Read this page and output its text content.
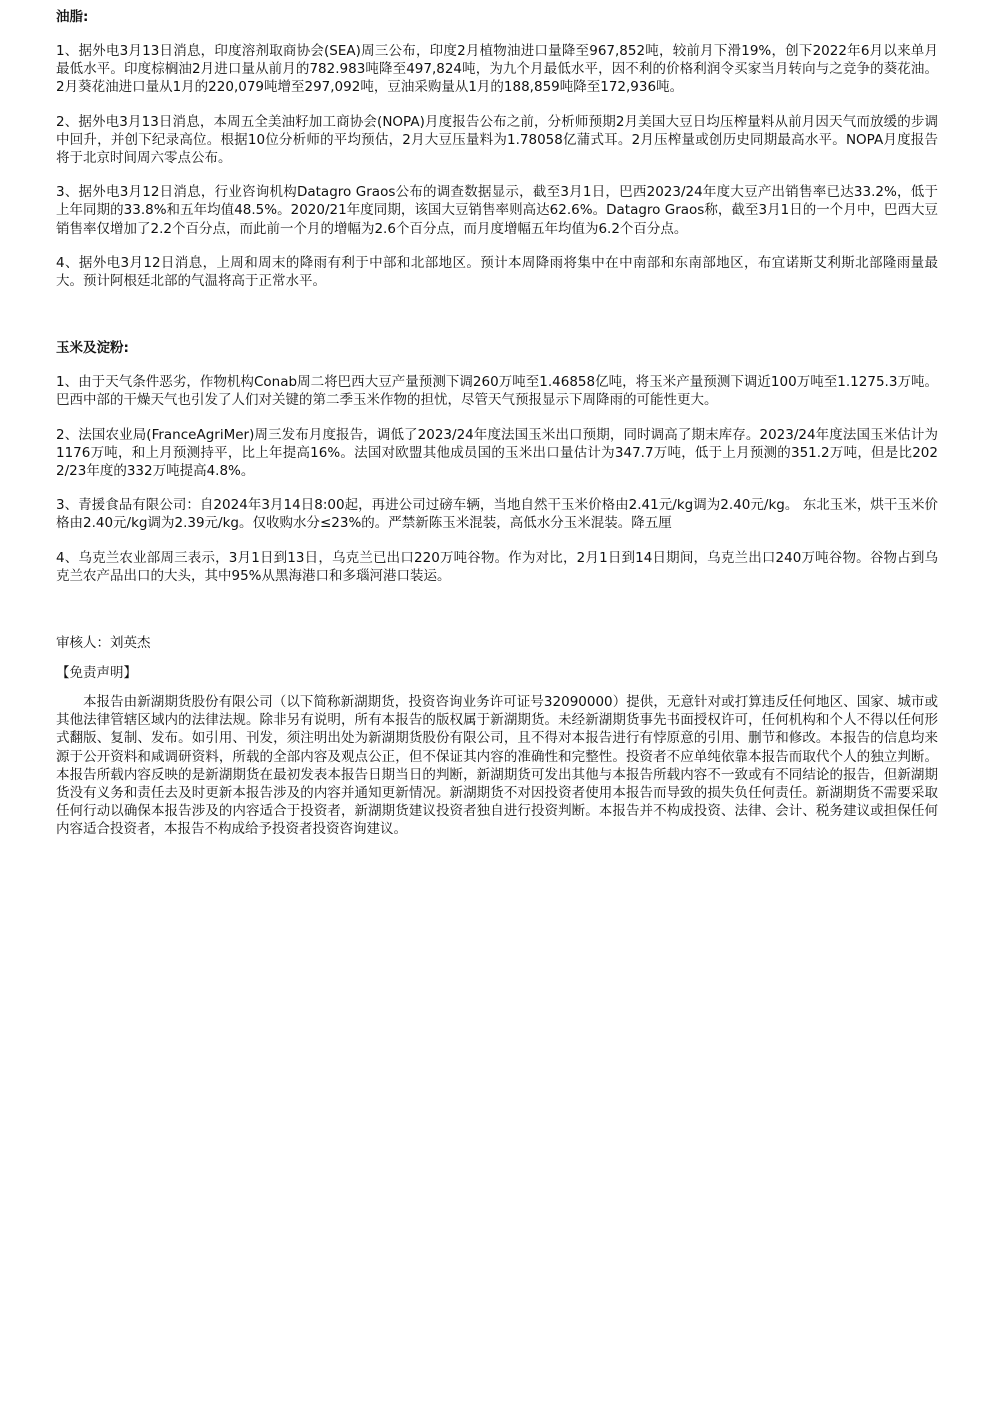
油脂:

1、据外电3月13日消息，印度溶剂取商协会(SEA)周三公布，印度2月植物油进口量降至967,852吨，较前月下滑19%，创下2022年6月以来单月最低水平。印度棕榈油2月进口量从前月的782.983吨降至497,824吨，为九个月最低水平，因不利的价格利润令买家当月转向与之竞争的葵花油。2月葵花油进口量从1月的220,079吨增至297,092吨，豆油采购量从1月的188,859吨降至172,936吨。

2、据外电3月13日消息，本周五全美油籽加工商协会(NOPA)月度报告公布之前，分析师预期2月美国大豆日均压榨量料从前月因天气而放缓的步调中回升，并创下纪录高位。根据10位分析师的平均预估，2月大豆压量料为1.78058亿蒲式耳。2月压榨量或创历史同期最高水平。NOPA月度报告将于北京时间周六零点公布。

3、据外电3月12日消息，行业咨询机构Datagro Graos公布的调查数据显示，截至3月1日，巴西2023/24年度大豆产出销售率已达33.2%，低于上年同期的33.8%和五年均值48.5%。2020/21年度同期，该国大豆销售率则高达62.6%。Datagro Graos称，截至3月1日的一个月中，巴西大豆销售率仅增加了2.2个百分点，而此前一个月的增幅为2.6个百分点，而月度增幅五年均值为6.2个百分点。

4、据外电3月12日消息，上周和周末的降雨有利于中部和北部地区。预计本周降雨将集中在中南部和东南部地区，布宜诺斯艾利斯北部隆雨量最大。预计阿根廷北部的气温将高于正常水平。

玉米及淀粉:

1、由于天气条件恶劣，作物机构Conab周二将巴西大豆产量预测下调260万吨至1.46858亿吨，将玉米产量预测下调近100万吨至1.1275.3万吨。巴西中部的干燥天气也引发了人们对关键的第二季玉米作物的担忧，尽管天气预报显示下周降雨的可能性更大。

2、法国农业局(FranceAgriMer)周三发布月度报告，调低了2023/24年度法国玉米出口预期，同时调高了期末库存。2023/24年度法国玉米估计为1176万吨，和上月预测持平，比上年提高16%。法国对欧盟其他成员国的玉米出口量估计为347.7万吨，低于上月预测的351.2万吨，但是比2022/23年度的332万吨提高4.8%。

3、青援食品有限公司：自2024年3月14日8:00起，再进公司过磅车辆，当地自然干玉米价格由2.41元/kg调为2.40元/kg。 东北玉米，烘干玉米价格由2.40元/kg调为2.39元/kg。仅收购水分≤23%的。严禁新陈玉米混装，高低水分玉米混装。降五厘

4、乌克兰农业部周三表示，3月1日到13日，乌克兰已出口220万吨谷物。作为对比，2月1日到14日期间，乌克兰出口240万吨谷物。谷物占到乌克兰农产品出口的大头，其中95%从黑海港口和多瑙河港口装运。

审核人：刘英杰

【免责声明】

本报告由新湖期货股份有限公司（以下简称新湖期货，投资咨询业务许可证号32090000）提供，无意针对或打算违反任何地区、国家、城市或其他法律管辖区域内的法律法规。除非另有说明，所有本报告的版权属于新湖期货。未经新湖期货事先书面授权许可，任何机构和个人不得以任何形式翻版、复制、发布。如引用、刊发，须注明出处为新湖期货股份有限公司，且不得对本报告进行有悖原意的引用、删节和修改。本报告的信息均来源于公开资料和咸调研资料，所载的全部内容及观点公正，但不保证其内容的准确性和完整性。投资者不应单纯依靠本报告而取代个人的独立判断。本报告所载内容反映的是新湖期货在最初发表本报告日期当日的判断，新湖期货可发出其他与本报告所载内容不一致或有不同结论的报告，但新湖期货没有义务和责任去及时更新本报告涉及的内容并通知更新情况。新湖期货不对因投资者使用本报告而导致的损失负任何责任。新湖期货不需要采取任何行动以确保本报告涉及的内容适合于投资者，新湖期货建议投资者独自进行投资判断。本报告并不构成投资、法律、会计、税务建议或担保任何内容适合投资者，本报告不构成给予投资者投资咨询建议。
